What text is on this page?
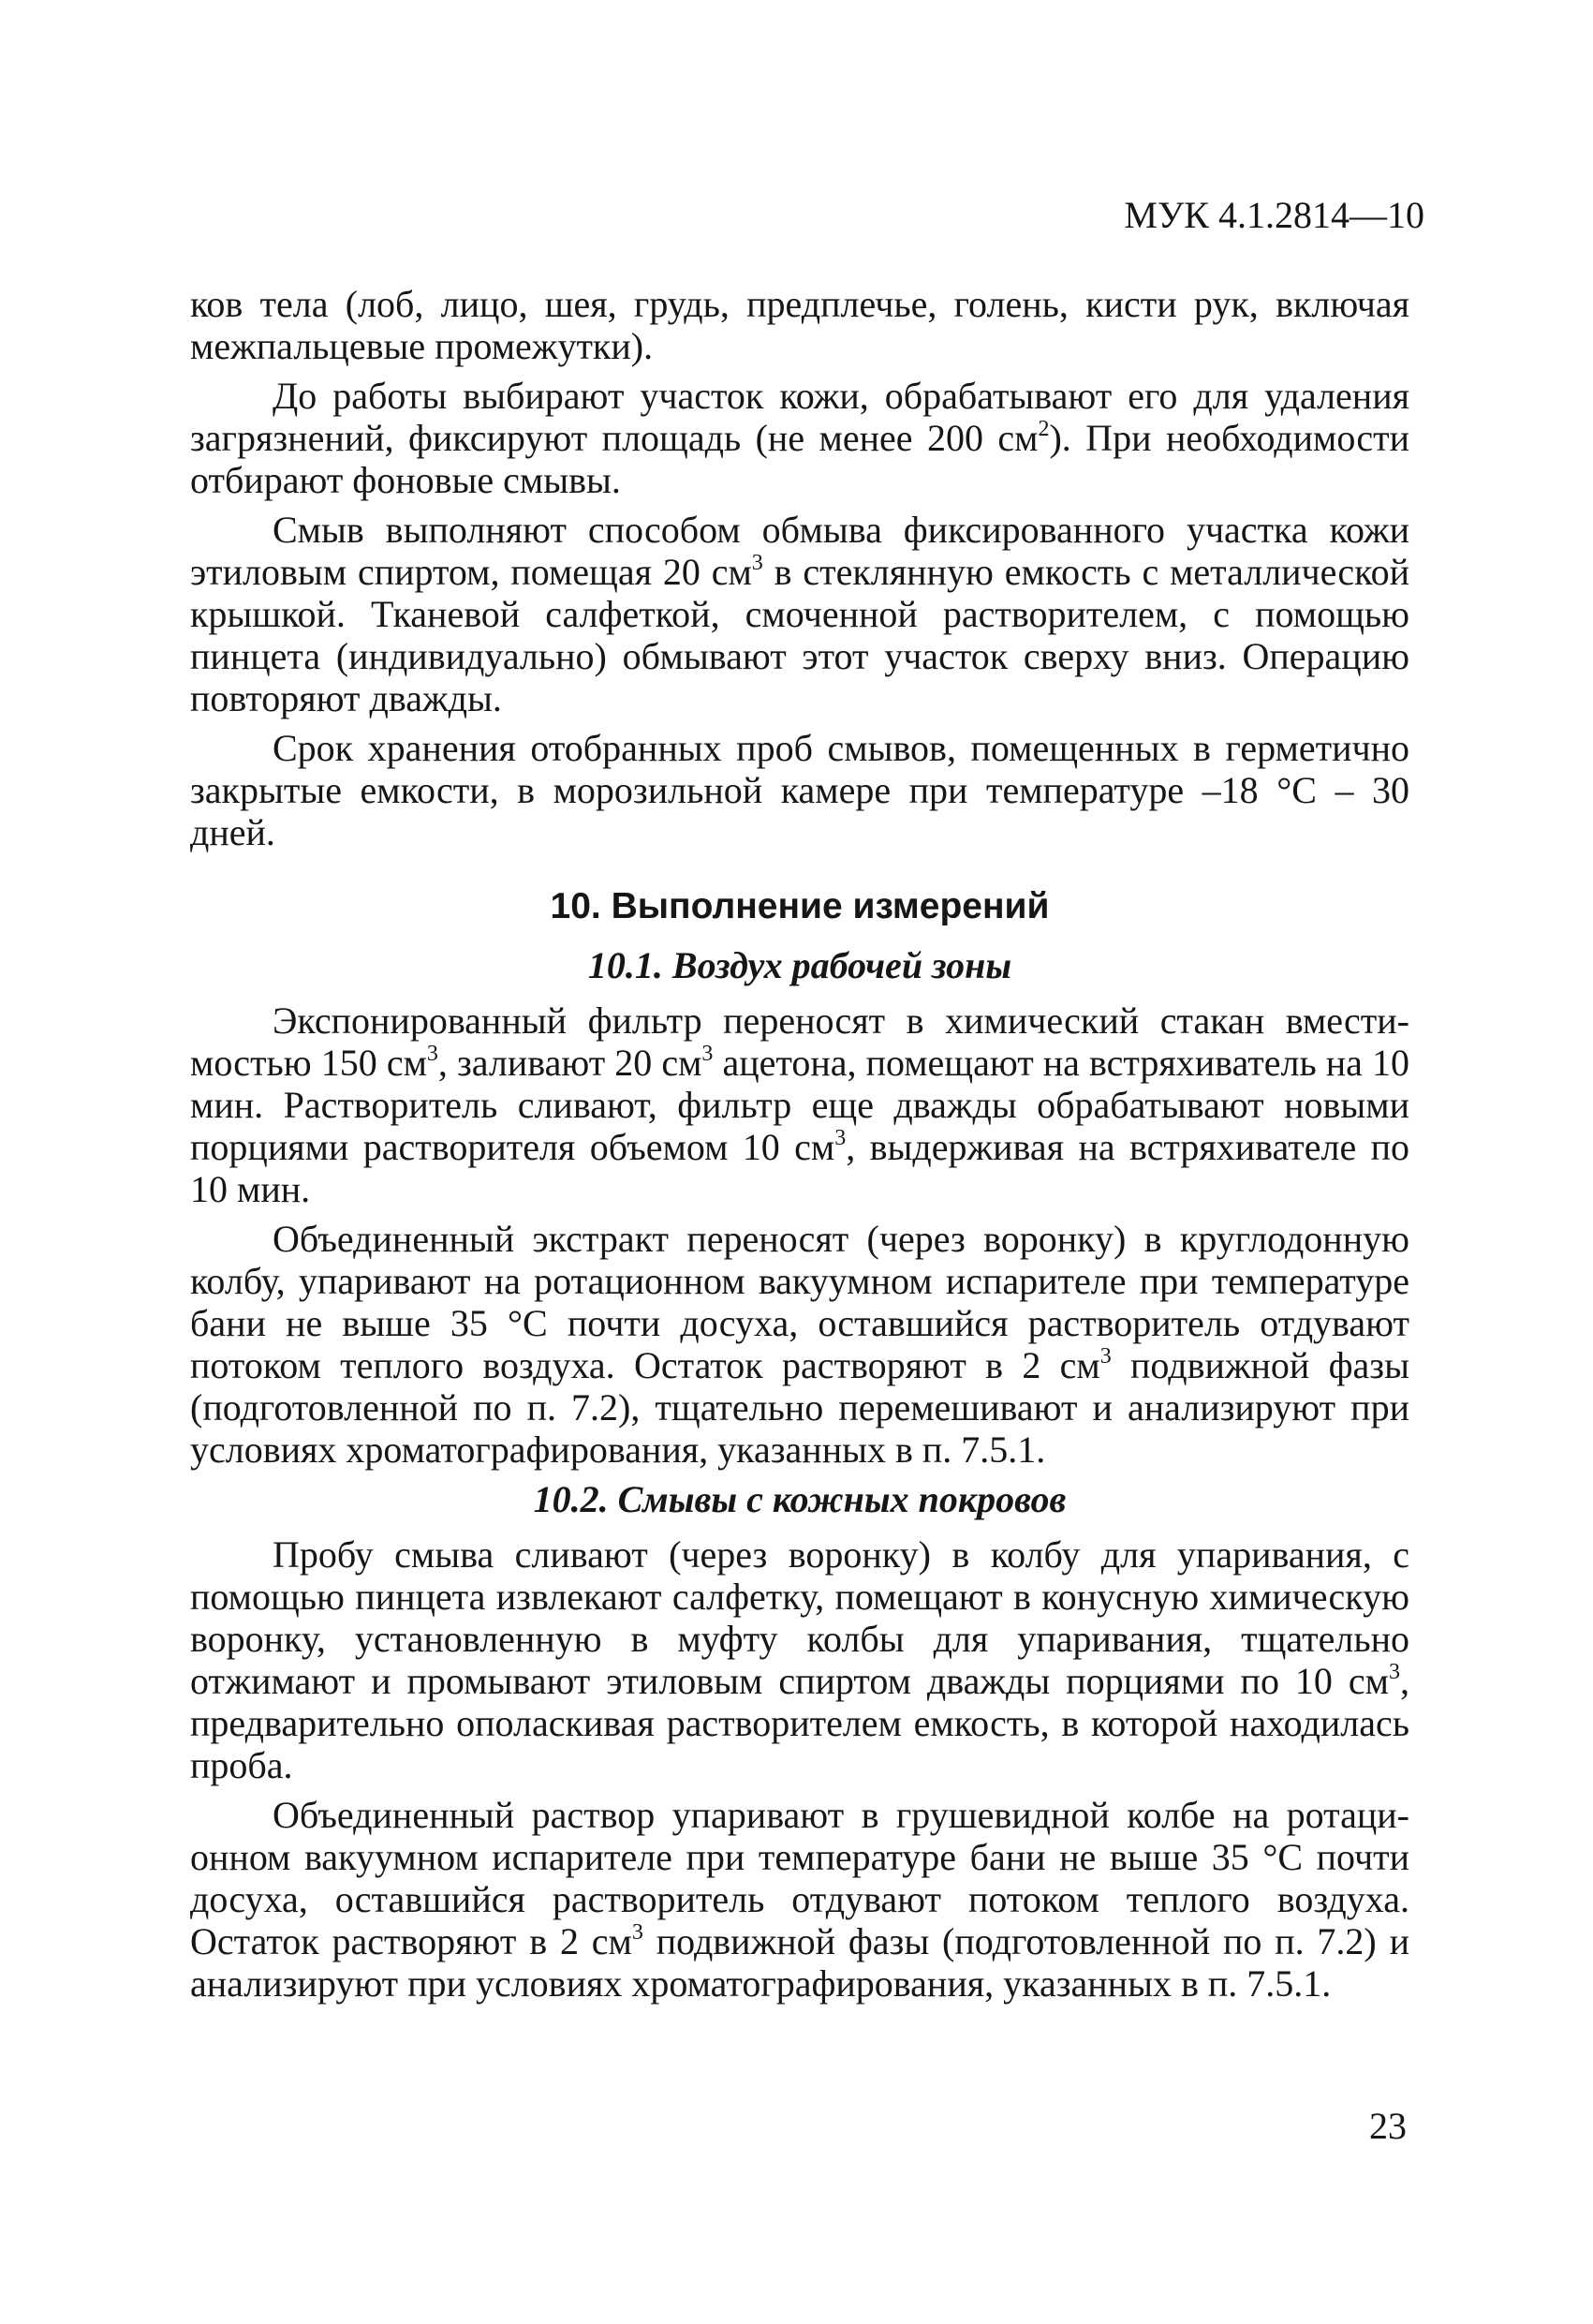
МУК 4.1.2814—10

ков тела (лоб, лицо, шея, грудь, предплечье, голень, кисти рук, включая межпальцевые промежутки).

До работы выбирают участок кожи, обрабатывают его для удаления загрязнений, фиксируют площадь (не менее 200 $см^2$). При необходимости отбирают фоновые смывы.

Смыв выполняют способом обмыва фиксированного участка кожи этиловым спиртом, помещая 20 $см^3$ в стеклянную емкость с металлической крышкой. Тканевой салфеткой, смоченной растворителем, с помощью пинцета (индивидуально) обмывают этот участок сверху вниз. Операцию повторяют дважды.

Срок хранения отобранных проб смывов, помещенных в герметично закрытые емкости, в морозильной камере при температуре –18 °С – 30 дней.

10. Выполнение измерений
10.1. Воздух рабочей зоны

Экспонированный фильтр переносят в химический стакан вместимостью 150 $см^3$, заливают 20 $см^3$ ацетона, помещают на встряхиватель на 10 мин. Растворитель сливают, фильтр еще дважды обрабатывают новыми порциями растворителя объемом 10 $см^3$, выдерживая на встряхивателе по 10 мин.

Объединенный экстракт переносят (через воронку) в круглодонную колбу, упаривают на ротационном вакуумном испарителе при температуре бани не выше 35 °С почти досуха, оставшийся растворитель отдувают потоком теплого воздуха. Остаток растворяют в 2 $см^3$ подвижной фазы (подготовленной по п. 7.2), тщательно перемешивают и анализируют при условиях хроматографирования, указанных в п. 7.5.1.

10.2. Смывы с кожных покровов

Пробу смыва сливают (через воронку) в колбу для упаривания, с помощью пинцета извлекают салфетку, помещают в конусную химическую воронку, установленную в муфту колбы для упаривания, тщательно отжимают и промывают этиловым спиртом дважды порциями по 10 $см^3$, предварительно ополаскивая растворителем емкость, в которой находилась проба.

Объединенный раствор упаривают в грушевидной колбе на ротационном вакуумном испарителе при температуре бани не выше 35 °С почти досуха, оставшийся растворитель отдувают потоком теплого воздуха. Остаток растворяют в 2 $см^3$ подвижной фазы (подготовленной по п. 7.2) и анализируют при условиях хроматографирования, указанных в п. 7.5.1.

23
